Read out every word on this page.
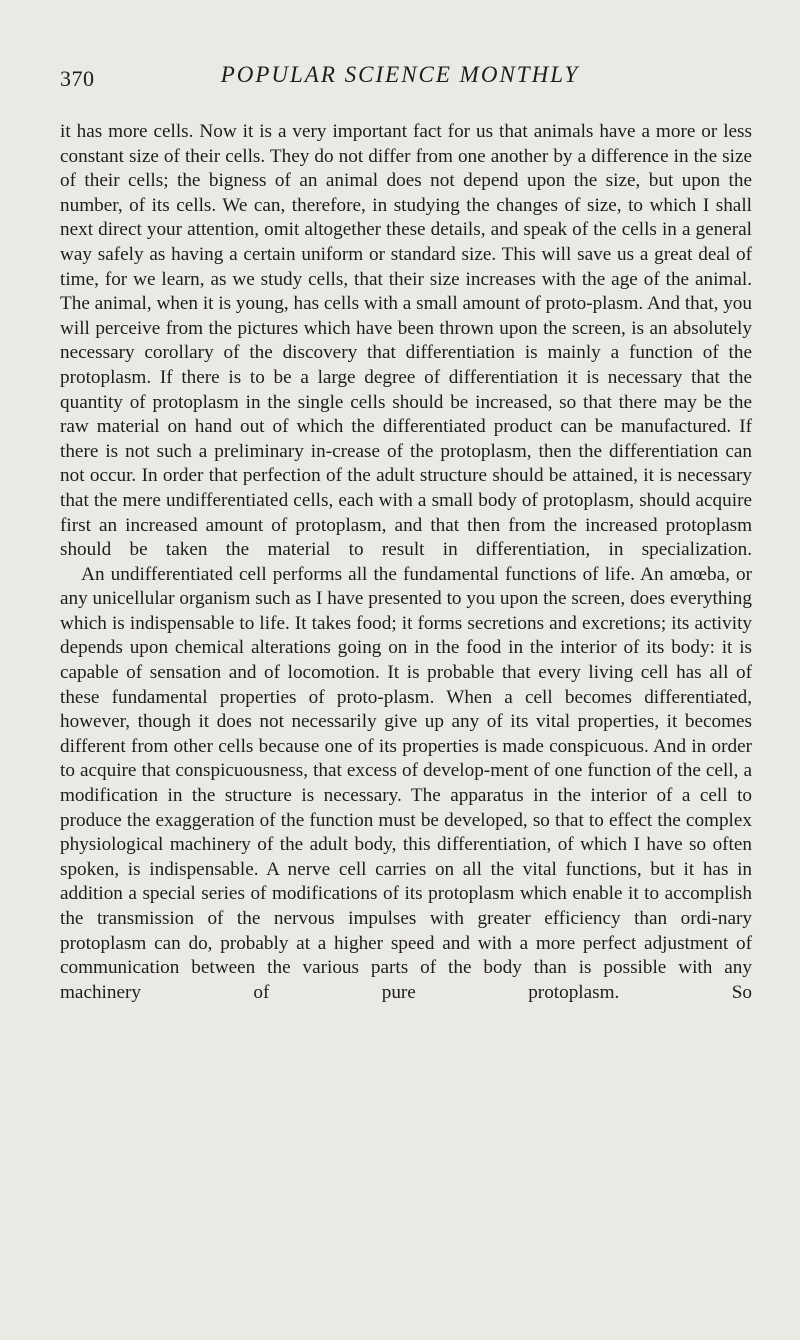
370	POPULAR SCIENCE MONTHLY

it has more cells. Now it is a very important fact for us that animals have a more or less constant size of their cells. They do not differ from one another by a difference in the size of their cells; the bigness of an animal does not depend upon the size, but upon the number, of its cells. We can, therefore, in studying the changes of size, to which I shall next direct your attention, omit altogether these details, and speak of the cells in a general way safely as having a certain uniform or standard size. This will save us a great deal of time, for we learn, as we study cells, that their size increases with the age of the animal. The animal, when it is young, has cells with a small amount of proto-plasm. And that, you will perceive from the pictures which have been thrown upon the screen, is an absolutely necessary corollary of the discovery that differentiation is mainly a function of the protoplasm. If there is to be a large degree of differentiation it is necessary that the quantity of protoplasm in the single cells should be increased, so that there may be the raw material on hand out of which the differentiated product can be manufactured. If there is not such a preliminary in-crease of the protoplasm, then the differentiation can not occur. In order that perfection of the adult structure should be attained, it is necessary that the mere undifferentiated cells, each with a small body of protoplasm, should acquire first an increased amount of protoplasm, and that then from the increased protoplasm should be taken the material to result in differentiation, in specialization.

An undifferentiated cell performs all the fundamental functions of life. An amœba, or any unicellular organism such as I have presented to you upon the screen, does everything which is indispensable to life. It takes food; it forms secretions and excretions; its activity depends upon chemical alterations going on in the food in the interior of its body: it is capable of sensation and of locomotion. It is probable that every living cell has all of these fundamental properties of proto-plasm. When a cell becomes differentiated, however, though it does not necessarily give up any of its vital properties, it becomes different from other cells because one of its properties is made conspicuous. And in order to acquire that conspicuousness, that excess of develop-ment of one function of the cell, a modification in the structure is necessary. The apparatus in the interior of a cell to produce the exaggeration of the function must be developed, so that to effect the complex physiological machinery of the adult body, this differentiation, of which I have so often spoken, is indispensable. A nerve cell carries on all the vital functions, but it has in addition a special series of modifications of its protoplasm which enable it to accomplish the transmission of the nervous impulses with greater efficiency than ordi-nary protoplasm can do, probably at a higher speed and with a more perfect adjustment of communication between the various parts of the body than is possible with any machinery of pure protoplasm. So
